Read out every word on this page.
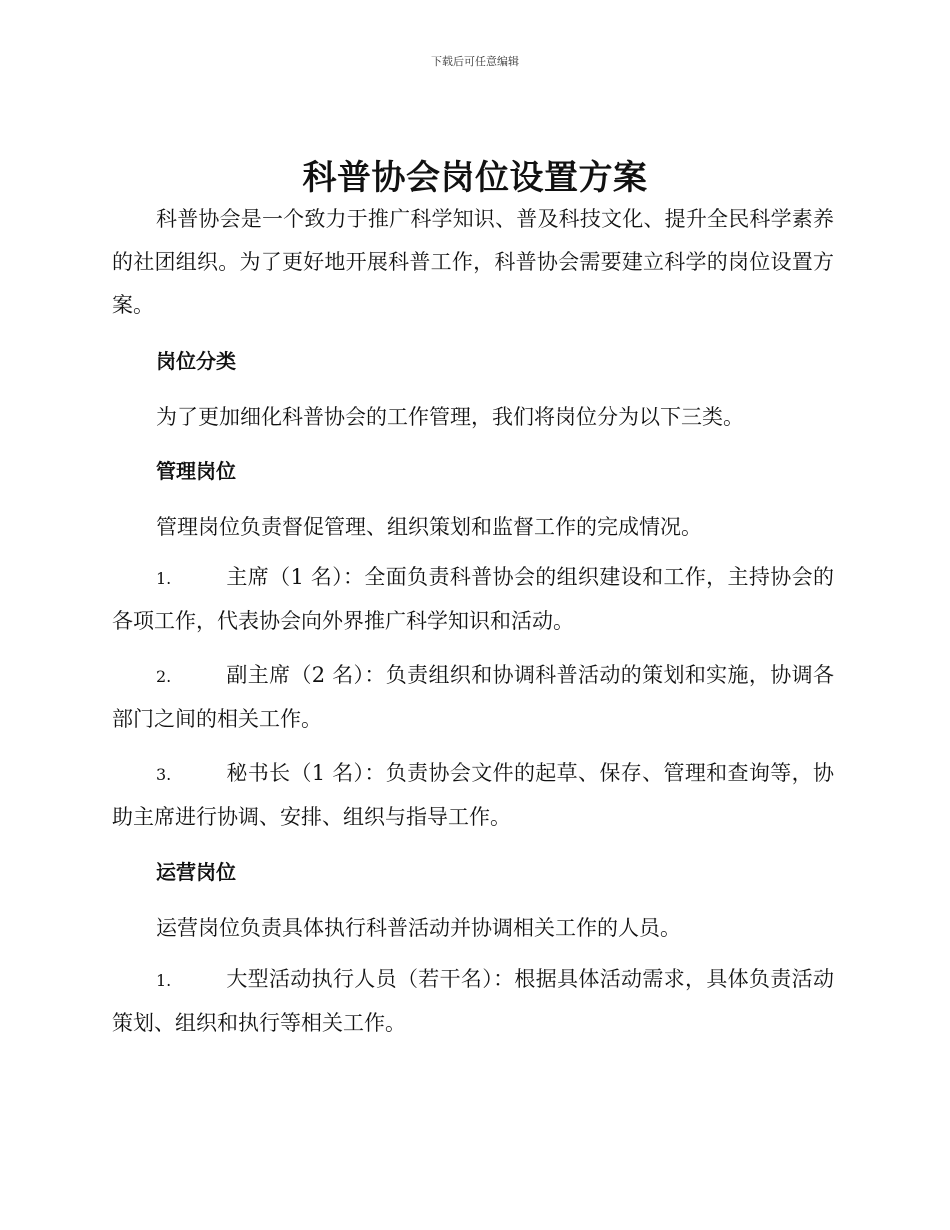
下载后可任意编辑
科普协会岗位设置方案

科普协会是一个致力于推广科学知识、普及科技文化、提升全民科学素养的社团组织。为了更好地开展科普工作，科普协会需要建立科学的岗位设置方案。

岗位分类
为了更加细化科普协会的工作管理，我们将岗位分为以下三类。
管理岗位
管理岗位负责督促管理、组织策划和监督工作的完成情况。

1.	主席（1 名）：全面负责科普协会的组织建设和工作，主持协会的各项工作，代表协会向外界推广科学知识和活动。

2.	副主席（2 名）：负责组织和协调科普活动的策划和实施，协调各部门之间的相关工作。

3.	秘书长（1 名）：负责协会文件的起草、保存、管理和查询等，协助主席进行协调、安排、组织与指导工作。

运营岗位
运营岗位负责具体执行科普活动并协调相关工作的人员。

1.	大型活动执行人员（若干名）：根据具体活动需求，具体负责活动策划、组织和执行等相关工作。
